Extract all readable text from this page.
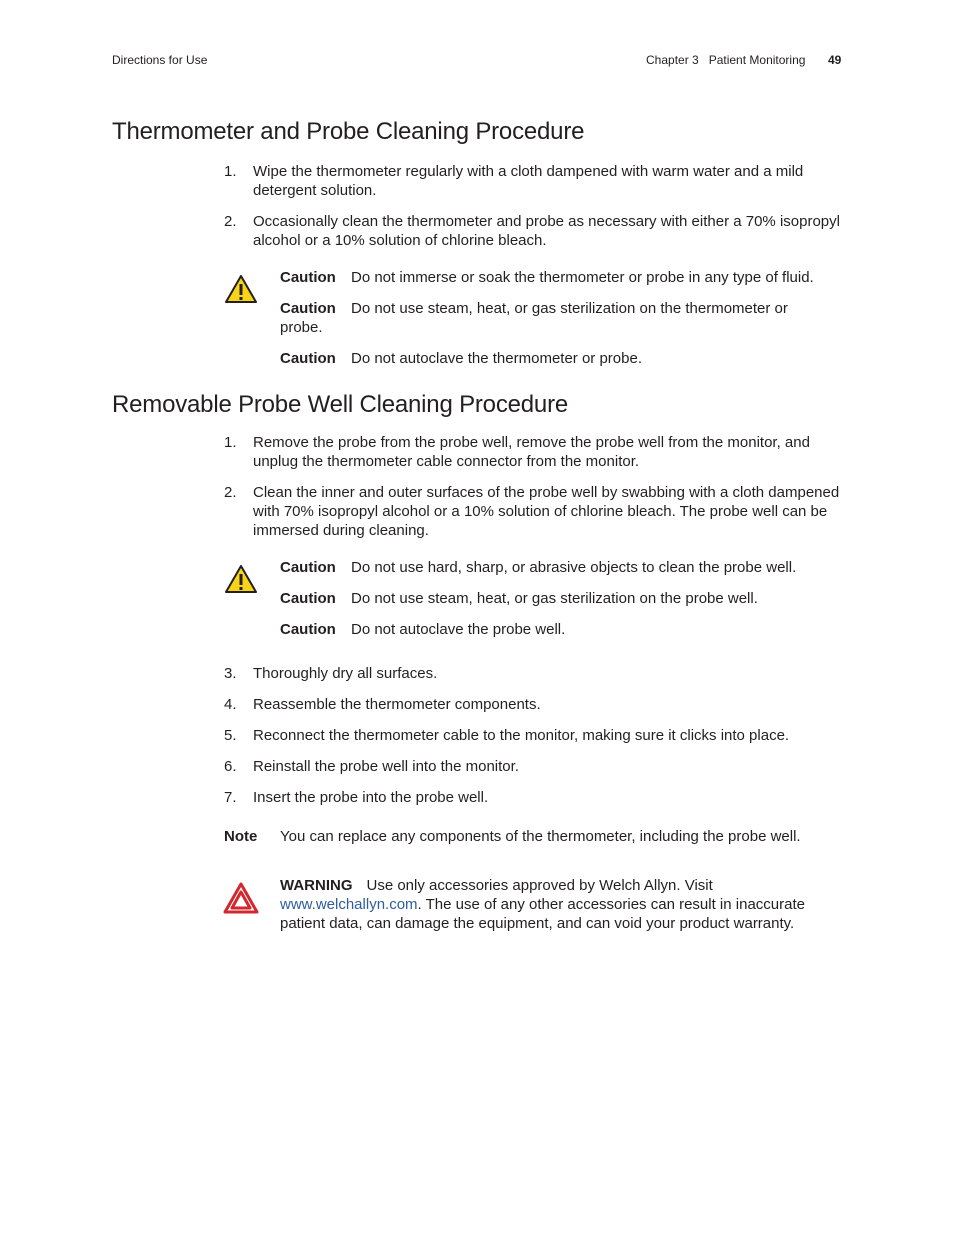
Directions for Use	Chapter 3   Patient Monitoring 49
Thermometer and Probe Cleaning Procedure
1.	Wipe the thermometer regularly with a cloth dampened with warm water and a mild detergent solution.
2.	Occasionally clean the thermometer and probe as necessary with either a 70% isopropyl alcohol or a 10% solution of chlorine bleach.
Caution Do not immerse or soak the thermometer or probe in any type of fluid.
Caution Do not use steam, heat, or gas sterilization on the thermometer or probe.
Caution Do not autoclave the thermometer or probe.
Removable Probe Well Cleaning Procedure
1.	Remove the probe from the probe well, remove the probe well from the monitor, and unplug the thermometer cable connector from the monitor.
2.	Clean the inner and outer surfaces of the probe well by swabbing with a cloth dampened with 70% isopropyl alcohol or a 10% solution of chlorine bleach. The probe well can be immersed during cleaning.
Caution Do not use hard, sharp, or abrasive objects to clean the probe well.
Caution Do not use steam, heat, or gas sterilization on the probe well.
Caution Do not autoclave the probe well.
3.	Thoroughly dry all surfaces.
4.	Reassemble the thermometer components.
5.	Reconnect the thermometer cable to the monitor, making sure it clicks into place.
6.	Reinstall the probe well into the monitor.
7.	Insert the probe into the probe well.
Note You can replace any components of the thermometer, including the probe well.
WARNING Use only accessories approved by Welch Allyn. Visit
www.welchallyn.com. The use of any other accessories can result in inaccurate patient data, can damage the equipment, and can void your product warranty.
